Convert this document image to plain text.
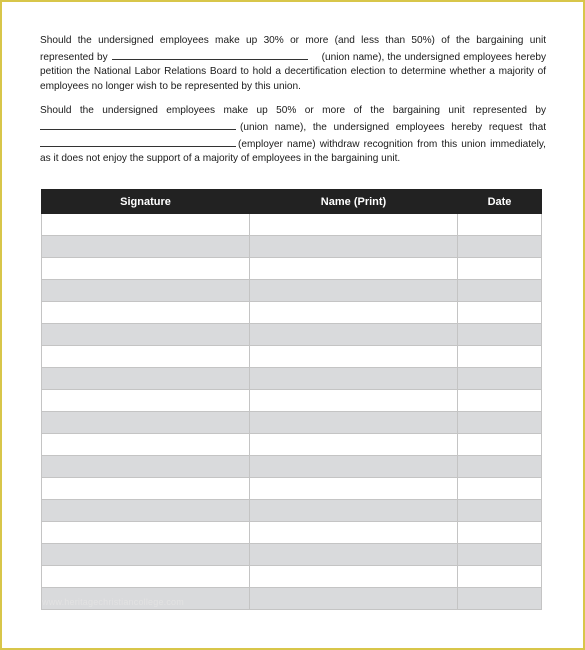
Should the undersigned employees make up 30% or more (and less than 50%) of the bargaining unit represented by	(union name), the undersigned employees hereby petition the National Labor Relations Board to hold a decertification election to determine whether a majority of employees no longer wish to be represented by this union.

Should the undersigned employees make up 50% or more of the bargaining unit represented by (union name), the undersigned employees hereby request that (employer name) withdraw recognition from this union immediately, as it does not enjoy the support of a majority of employees in the bargaining unit.

Signature	Name (Print)	Date

www.heritagechristiancollege.com
